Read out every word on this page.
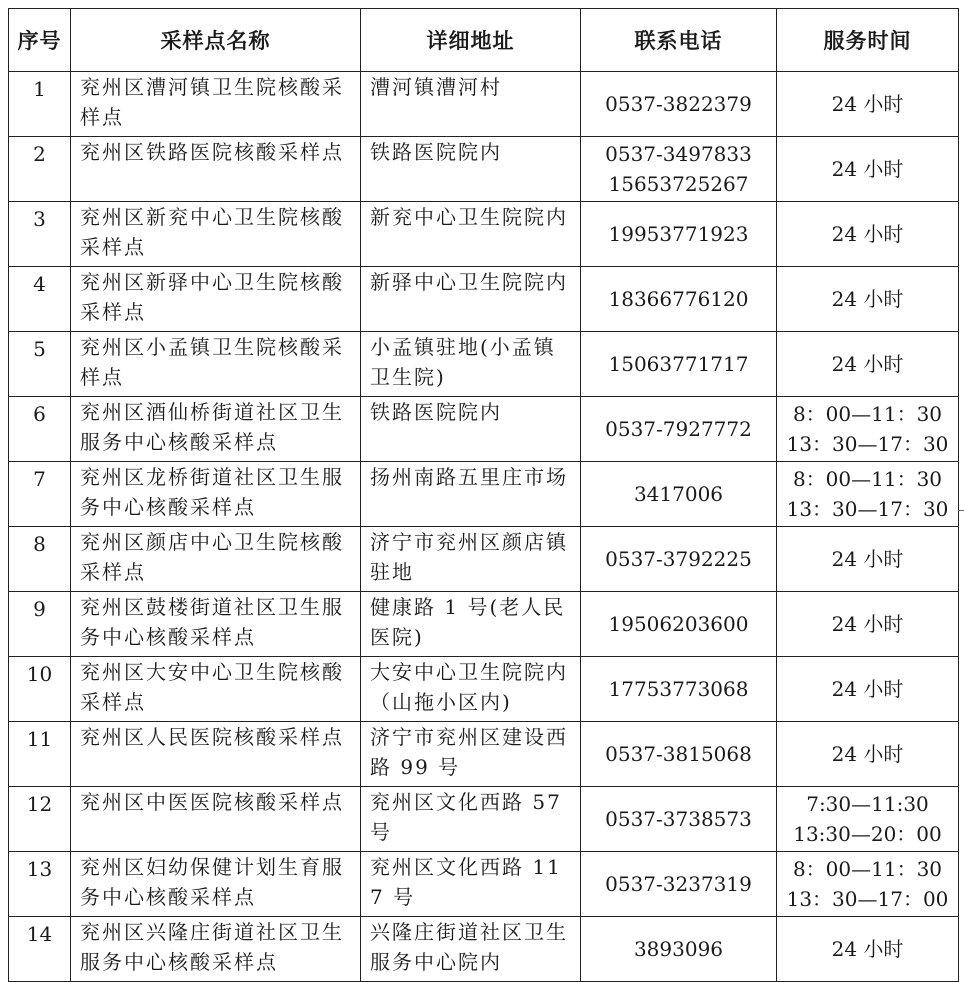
序号	采样点名称	详细地址	联系电话	服务时间
1	兖州区漕河镇卫生院核酸采样点	漕河镇漕河村	0537-3822379	24 小时

2	兖州区铁路医院核酸采样点	铁路医院院内	0537-3497833
15653725267	24 小时

3	兖州区新兖中心卫生院核酸采样点	新兖中心卫生院院内	19953771923	24 小时

4	兖州区新驿中心卫生院核酸采样点	新驿中心卫生院院内	18366776120	24 小时

5	兖州区小孟镇卫生院核酸采样点	小孟镇驻地(小孟镇卫生院)	15063771717	24 小时

6	兖州区酒仙桥街道社区卫生服务中心核酸采样点	铁路医院院内	0537-7927772	8：00—11：30
13：30—17：30

7	兖州区龙桥街道社区卫生服务中心核酸采样点	扬州南路五里庄市场	3417006	8：00—11：30
13：30—17：30

8	兖州区颜店中心卫生院核酸采样点	济宁市兖州区颜店镇驻地	0537-3792225	24 小时

9	兖州区鼓楼街道社区卫生服务中心核酸采样点	健康路 1 号(老人民医院)	19506203600	24 小时

10	兖州区大安中心卫生院核酸采样点	大安中心卫生院院内（山拖小区内)	17753773068	24 小时

11	兖州区人民医院核酸采样点	济宁市兖州区建设西路 99 号	0537-3815068	24 小时

12	兖州区中医医院核酸采样点	兖州区文化西路 57 号	0537-3738573	7:30—11:30
13:30—20：00

13	兖州区妇幼保健计划生育服务中心核酸采样点	兖州区文化西路 117 号	0537-3237319	8：00—11：30
13：30—17：00

14	兖州区兴隆庄街道社区卫生服务中心核酸采样点	兴隆庄街道社区卫生服务中心院内	3893096	24 小时
